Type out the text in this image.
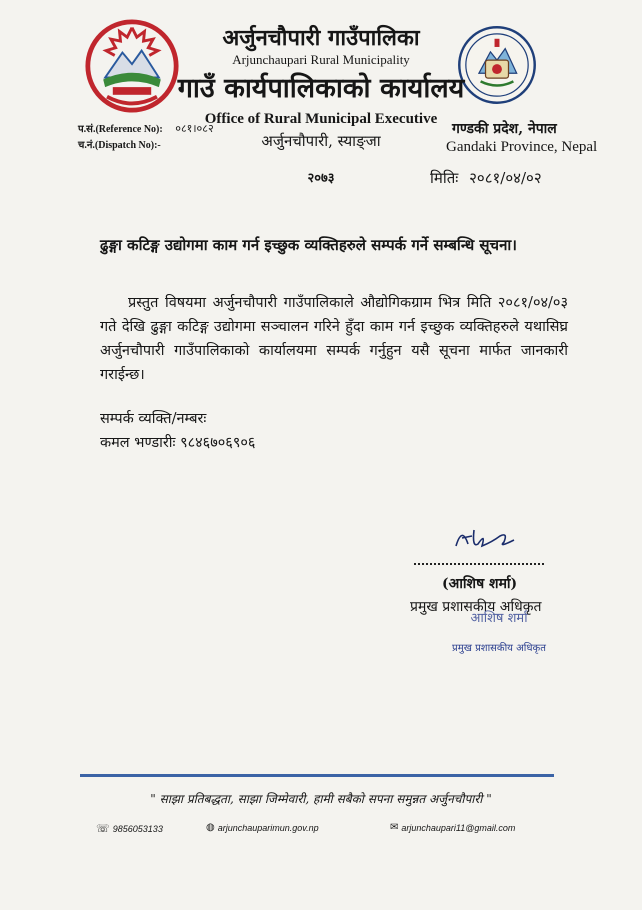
अर्जुनचौपारी गाउँपालिका
Arjunchaupari Rural Municipality
गाउँ कार्यपालिकाको कार्यालय
Office of Rural Municipal Executive
अर्जुनचौपारी, स्याङ्जा
२०७३
प.सं.(Reference No): ०८१।०८२
च.नं.(Dispatch No):-
गण्डकी प्रदेश, नेपाल
Gandaki Province, Nepal
मितिः २०८१/०४/०२
ढुङ्गा कटिङ्ग उद्योगमा काम गर्न इच्छुक व्यक्तिहरुले सम्पर्क गर्ने सम्बन्धि सूचना।
प्रस्तुत विषयमा अर्जुनचौपारी गाउँपालिकाले औद्योगिकग्राम भित्र मिति २०८१/०४/०३ गते देखि ढुङ्गा कटिङ्ग उद्योगमा सञ्चालन गरिने हुँदा काम गर्न इच्छुक व्यक्तिहरुले यथासिघ्र अर्जुनचौपारी गाउँपालिकाको कार्यालयमा सम्पर्क गर्नुहुन यसै सूचना मार्फत जानकारी गराईन्छ।
सम्पर्क व्यक्ति/नम्बरः
कमल भण्डारीः ९८४६७०६९०६
(आशिष शर्मा)
प्रमुख प्रशासकीय अधिकृत
आशिष शर्मा
प्रमुख प्रशासकीय अधिकृत
" साझा प्रतिबद्धता, साझा जिम्मेवारी, हामी सबैको सपना समुन्नत अर्जुनचौपारी "
☏ 9856053133	◍ arjunchauparimun.gov.np	✉ arjunchaupari11@gmail.com
